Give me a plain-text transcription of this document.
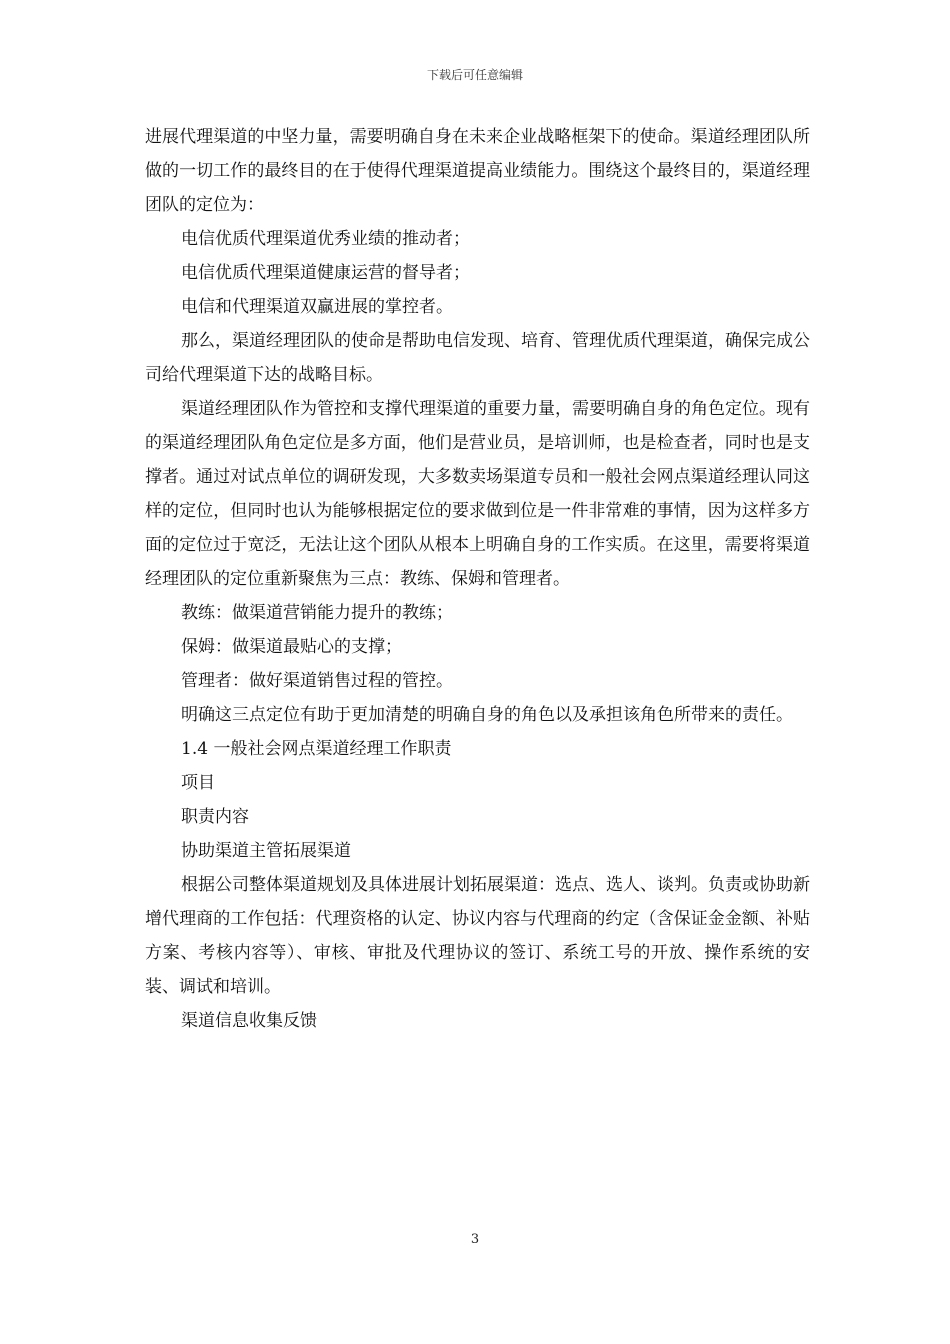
下载后可任意编辑

进展代理渠道的中坚力量，需要明确自身在未来企业战略框架下的使命。渠道经理团队所做的一切工作的最终目的在于使得代理渠道提高业绩能力。围绕这个最终目的，渠道经理团队的定位为：

电信优质代理渠道优秀业绩的推动者；

电信优质代理渠道健康运营的督导者；

电信和代理渠道双赢进展的掌控者。

那么，渠道经理团队的使命是帮助电信发现、培育、管理优质代理渠道，确保完成公司给代理渠道下达的战略目标。

渠道经理团队作为管控和支撑代理渠道的重要力量，需要明确自身的角色定位。现有的渠道经理团队角色定位是多方面，他们是营业员，是培训师，也是检查者，同时也是支撑者。通过对试点单位的调研发现，大多数卖场渠道专员和一般社会网点渠道经理认同这样的定位，但同时也认为能够根据定位的要求做到位是一件非常难的事情，因为这样多方面的定位过于宽泛，无法让这个团队从根本上明确自身的工作实质。在这里，需要将渠道经理团队的定位重新聚焦为三点：教练、保姆和管理者。

教练：做渠道营销能力提升的教练；

保姆：做渠道最贴心的支撑；

管理者：做好渠道销售过程的管控。

明确这三点定位有助于更加清楚的明确自身的角色以及承担该角色所带来的责任。

1.4 一般社会网点渠道经理工作职责

项目

职责内容

协助渠道主管拓展渠道

根据公司整体渠道规划及具体进展计划拓展渠道：选点、选人、谈判。负责或协助新增代理商的工作包括：代理资格的认定、协议内容与代理商的约定（含保证金金额、补贴方案、考核内容等）、审核、审批及代理协议的签订、系统工号的开放、操作系统的安装、调试和培训。

渠道信息收集反馈

3
